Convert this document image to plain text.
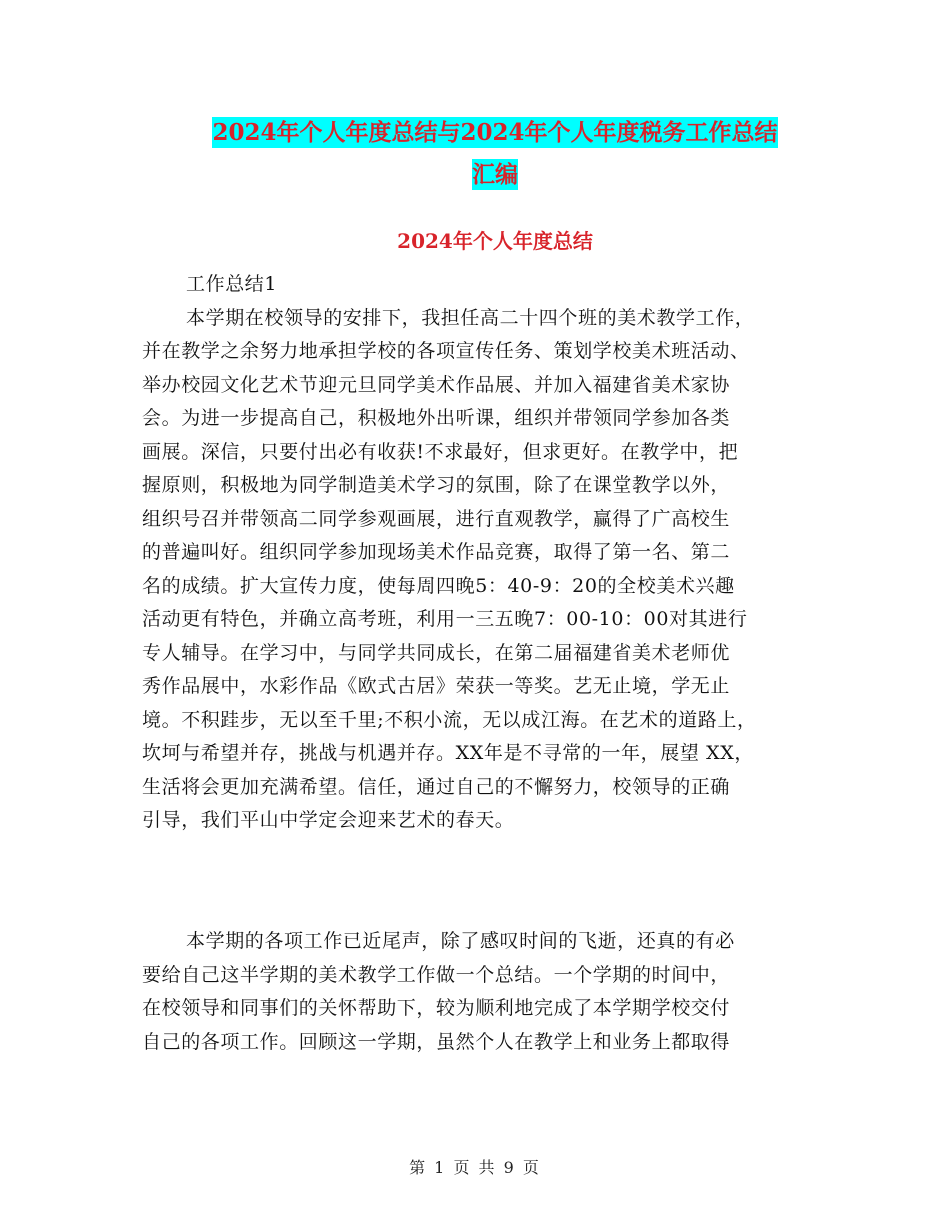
2024年个人年度总结与2024年个人年度税务工作总结
汇编
2024年个人年度总结
工作总结1
本学期在校领导的安排下，我担任高二十四个班的美术教学工作，
并在教学之余努力地承担学校的各项宣传任务、策划学校美术班活动、
举办校园文化艺术节迎元旦同学美术作品展、并加入福建省美术家协
会。为进一步提高自己，积极地外出听课，组织并带领同学参加各类
画展。深信，只要付出必有收获!不求最好，但求更好。在教学中，把
握原则，积极地为同学制造美术学习的氛围，除了在课堂教学以外，
组织号召并带领高二同学参观画展，进行直观教学，赢得了广高校生
的普遍叫好。组织同学参加现场美术作品竞赛，取得了第一名、第二
名的成绩。扩大宣传力度，使每周四晚5：40-9：20的全校美术兴趣
活动更有特色，并确立高考班，利用一三五晚7：00-10：00对其进行
专人辅导。在学习中，与同学共同成长，在第二届福建省美术老师优
秀作品展中，水彩作品《欧式古居》荣获一等奖。艺无止境，学无止
境。不积跬步，无以至千里;不积小流，无以成江海。在艺术的道路上，
坎坷与希望并存，挑战与机遇并存。XX年是不寻常的一年，展望 XX，
生活将会更加充满希望。信任，通过自己的不懈努力，校领导的正确
引导，我们平山中学定会迎来艺术的春天。
本学期的各项工作已近尾声，除了感叹时间的飞逝，还真的有必
要给自己这半学期的美术教学工作做一个总结。一个学期的时间中，
在校领导和同事们的关怀帮助下，较为顺利地完成了本学期学校交付
自己的各项工作。回顾这一学期，虽然个人在教学上和业务上都取得
第 1 页 共 9 页
